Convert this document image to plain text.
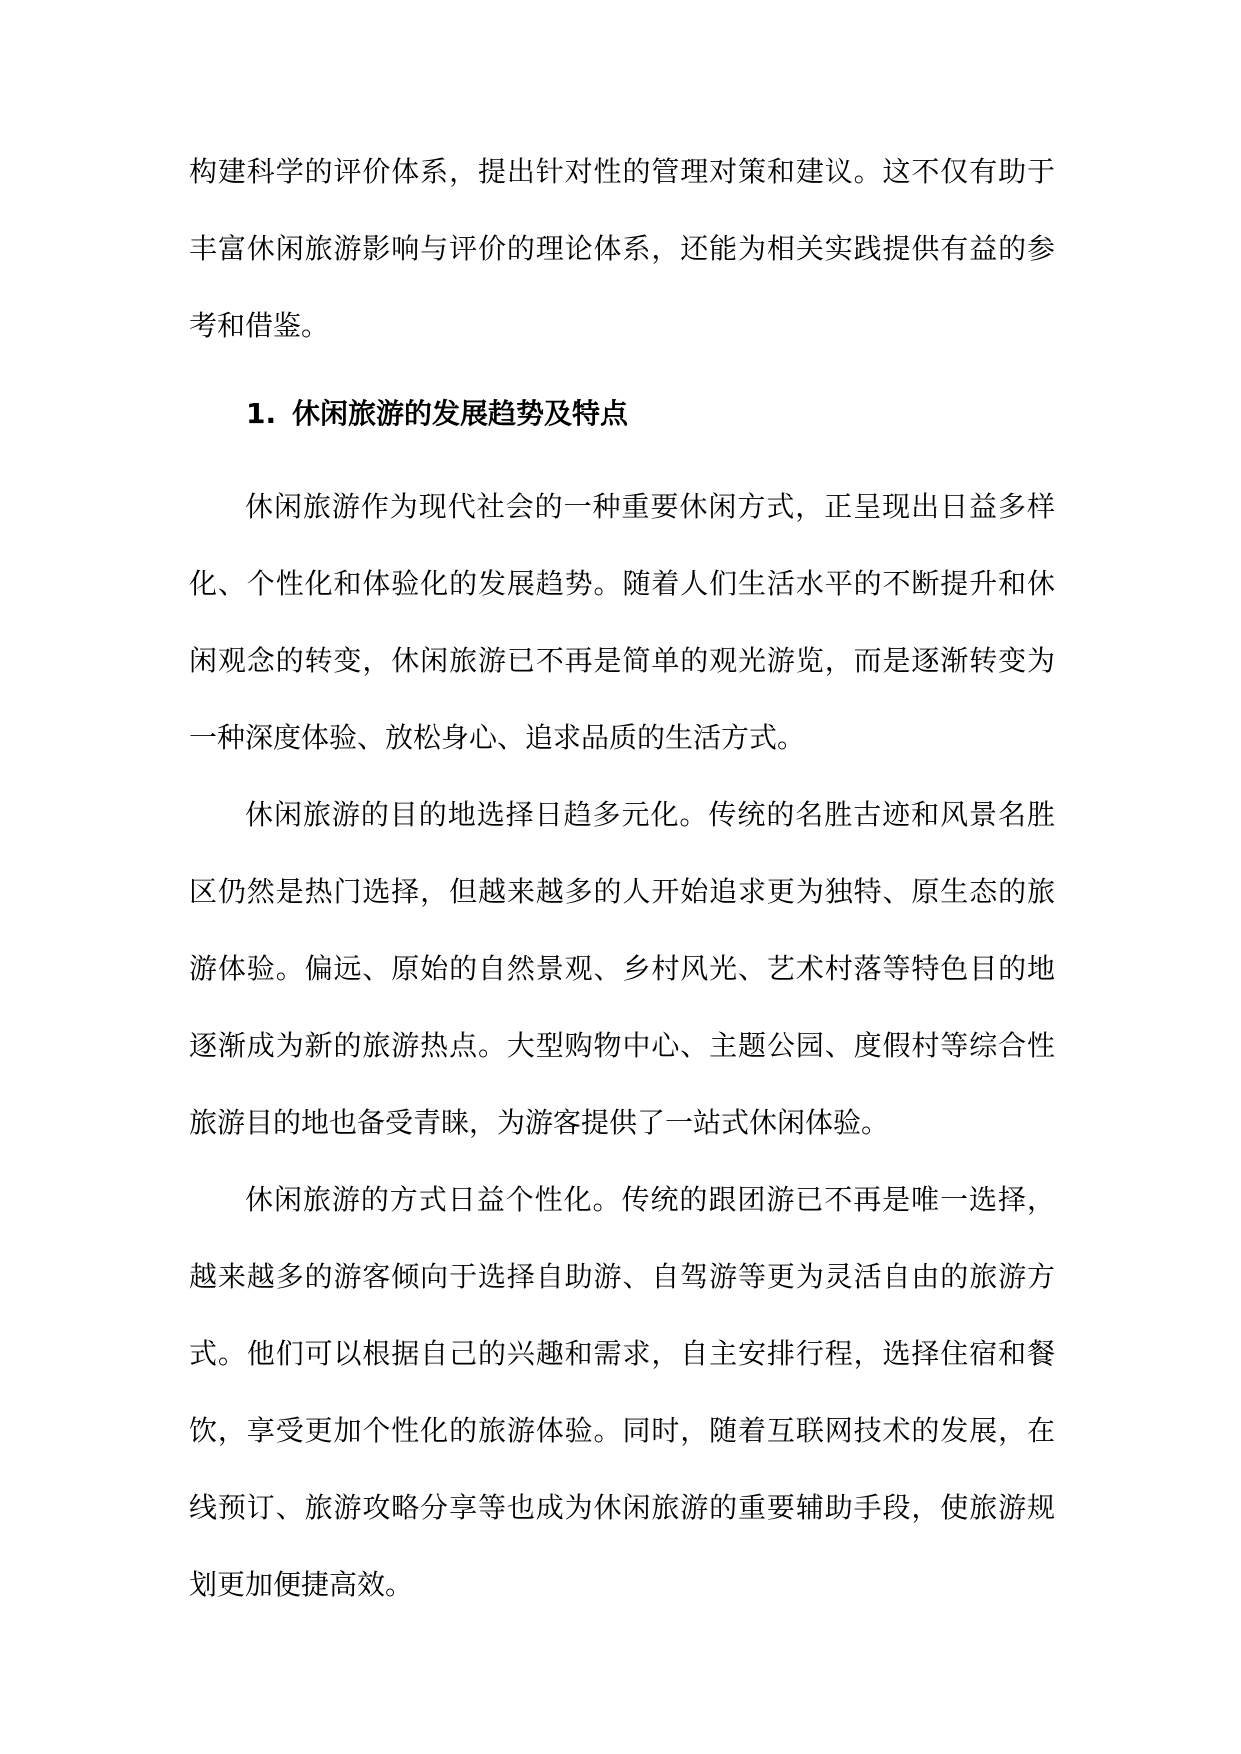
构建科学的评价体系，提出针对性的管理对策和建议。这不仅有助于丰富休闲旅游影响与评价的理论体系，还能为相关实践提供有益的参考和借鉴。

1. 休闲旅游的发展趋势及特点

休闲旅游作为现代社会的一种重要休闲方式，正呈现出日益多样化、个性化和体验化的发展趋势。随着人们生活水平的不断提升和休闲观念的转变，休闲旅游已不再是简单的观光游览，而是逐渐转变为一种深度体验、放松身心、追求品质的生活方式。

休闲旅游的目的地选择日趋多元化。传统的名胜古迹和风景名胜区仍然是热门选择，但越来越多的人开始追求更为独特、原生态的旅游体验。偏远、原始的自然景观、乡村风光、艺术村落等特色目的地逐渐成为新的旅游热点。大型购物中心、主题公园、度假村等综合性旅游目的地也备受青睐，为游客提供了一站式休闲体验。

休闲旅游的方式日益个性化。传统的跟团游已不再是唯一选择，越来越多的游客倾向于选择自助游、自驾游等更为灵活自由的旅游方式。他们可以根据自己的兴趣和需求，自主安排行程，选择住宿和餐饮，享受更加个性化的旅游体验。同时，随着互联网技术的发展，在线预订、旅游攻略分享等也成为休闲旅游的重要辅助手段，使旅游规划更加便捷高效。
